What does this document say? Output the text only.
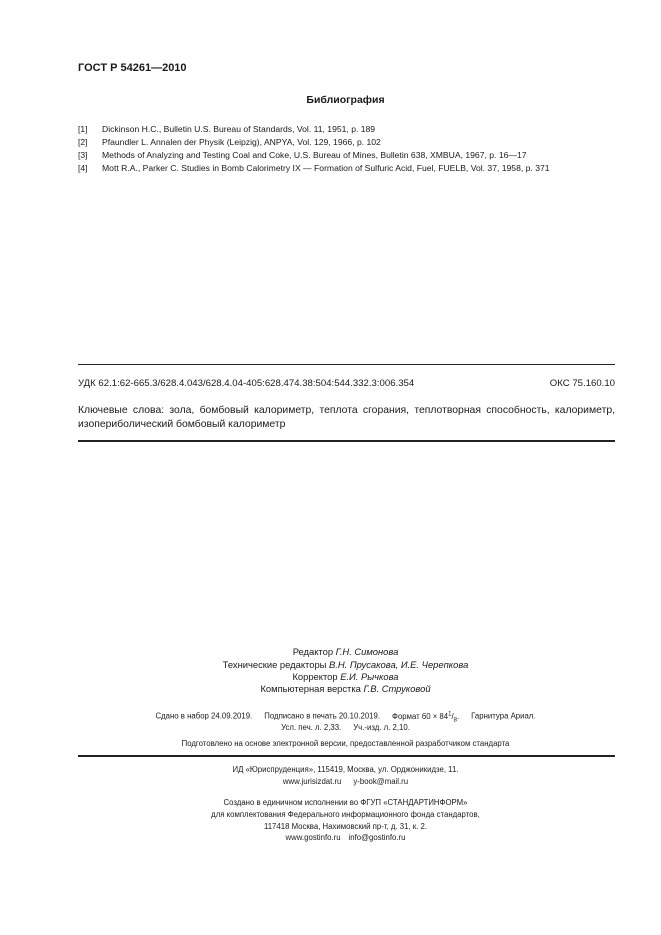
ГОСТ Р 54261—2010
Библиография
[1] Dickinson H.C., Bulletin U.S. Bureau of Standards, Vol. 11, 1951, p. 189
[2] Pfaundler L. Annalen der Physik (Leipzig), ANPYA, Vol. 129, 1966, p. 102
[3] Methods of Analyzing and Testing Coal and Coke, U.S. Bureau of Mines, Bulletin 638, XMBUA, 1967, p. 16—17
[4] Mott R.A., Parker C. Studies in Bomb Calorimetry IX — Formation of Sulfuric Acid, Fuel, FUELB, Vol. 37, 1958, p. 371
УДК 62.1:62-665.3/628.4.043/628.4.04-405:628.474.38:504:544.332.3:006.354	ОКС 75.160.10
Ключевые слова: зола, бомбовый калориметр, теплота сгорания, теплотворная способность, калориметр, изопериболический бомбовый калориметр
Редактор Г.Н. Симонова
Технические редакторы В.Н. Прусакова, И.Е. Черепкова
Корректор Е.И. Рычкова
Компьютерная верстка Г.В. Струковой
Сдано в набор 24.09.2019. Подписано в печать 20.10.2019. Формат $60 \times 84^1/_8$. Гарнитура Ариал.
Усл. печ. л. 2,33. Уч.-изд. л. 2,10.
Подготовлено на основе электронной версии, предоставленной разработчиком стандарта
ИД «Юриспруденция», 115419, Москва, ул. Орджоникидзе, 11.
www.jurisizdat.ru y-book@mail.ru
Создано в единичном исполнении во ФГУП «СТАНДАРТИНФОРМ»
для комплектования Федерального информационного фонда стандартов,
117418 Москва, Нахимовский пр-т, д. 31, к. 2.
www.gostinfo.ru info@gostinfo.ru
